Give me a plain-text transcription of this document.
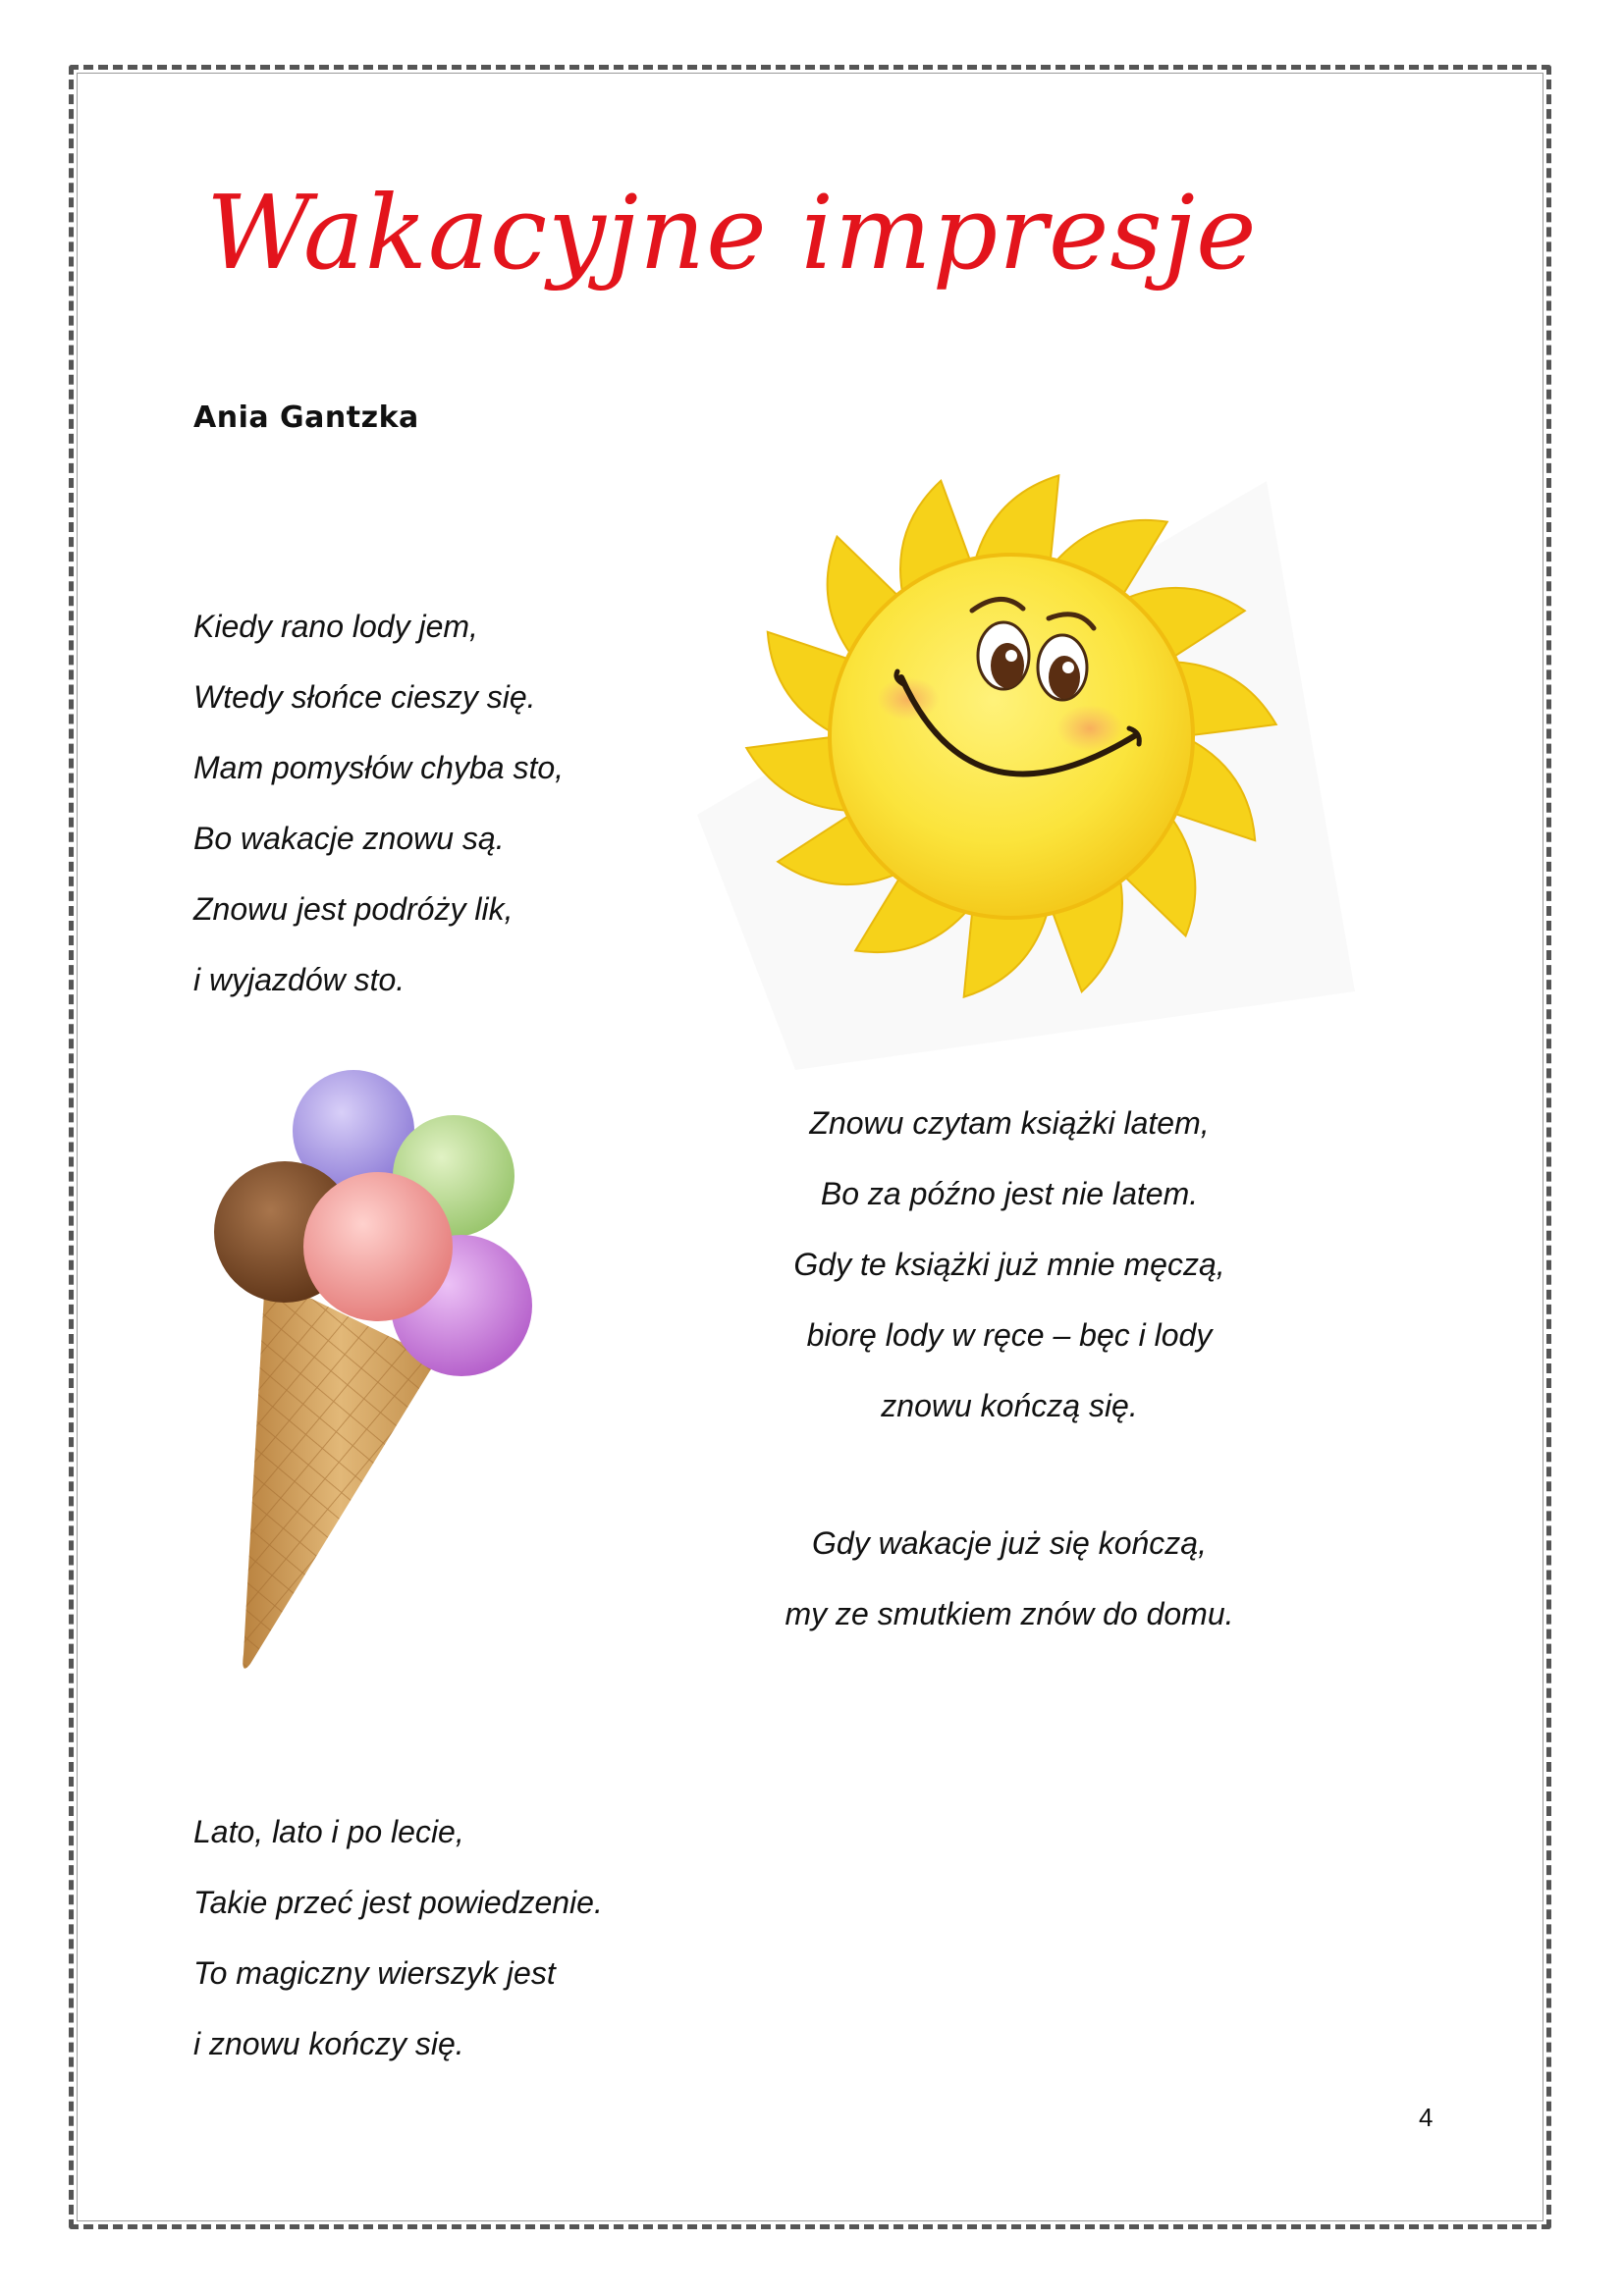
Wakacyjne impresje
Ania Gantzka
Kiedy rano lody jem,
Wtedy słońce cieszy się.
Mam pomysłów chyba sto,
Bo wakacje znowu są.
Znowu jest podróży lik,
i wyjazdów sto.
Znowu czytam książki latem,
Bo za późno jest nie latem.
Gdy te książki już mnie męczą,
biorę lody w ręce – bęc i lody
znowu kończą się.
Gdy wakacje już się kończą,
my ze smutkiem znów do domu.
Lato, lato i po lecie,
Takie przeć jest powiedzenie.
To magiczny wierszyk jest
i znowu kończy się.
4
